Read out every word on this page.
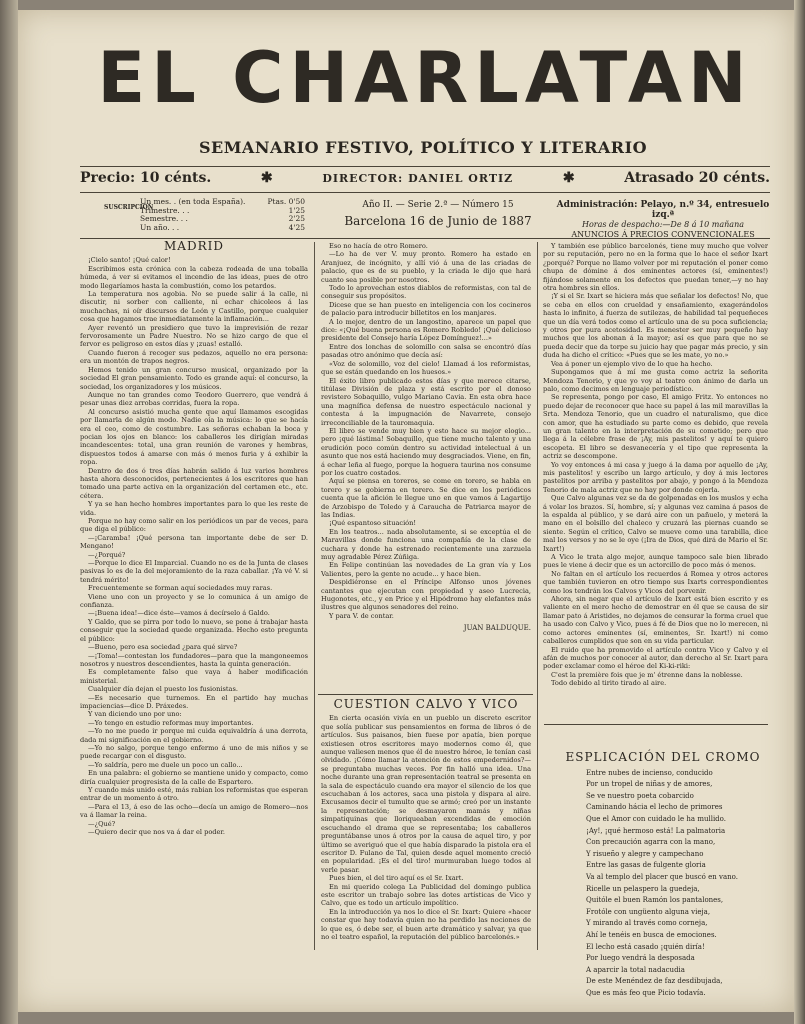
EL CHARLATAN
SEMANARIO FESTIVO, POLÍTICO Y LITERARIO
Precio: 10 cénts.	✱	DIRECTOR: DANIEL ORTIZ	✱	Atrasado 20 cénts.
SUSCRIPCIÓN
Un mes. . (en toda España).	Ptas. 0'50
Trimestre. . .	1'25
Semestre. . .	2'25
Un año. . .	4'25
Año II. — Serie 2.ª — Número 15
Barcelona 16 de Junio de 1887
Administración: Pelayo, n.º 34, entresuelo izq.ª
Horas de despacho:—De 8 á 10 mañana
ANUNCIOS Á PRECIOS CONVENCIONALES
MADRID

¡Cielo santo! ¡Qué calor!

Escribimos esta crónica con la cabeza rodeada de una toballa húmeda, á ver si evitamos el incendio de las ideas, pues de otro modo llegaríamos hasta la combustión, como los petardos.

La temperatura nos agobia. No se puede salir á la calle, ni discutir, ni sorber con calliente, ni echar chicoleos á las muchachas, ni oír discursos de León y Castillo, porque cualquier cosa que hagamos trae inmediatamente la inflamación...

Ayer reventó un presidiero que tuvo la imprevisión de rezar fervorosamente un Padre Nuestro. No se hizo cargo de que el fervor es peligroso en estos días y ¡zuas! estalló.

Cuando fueron á recoger sus pedazos, aquello no era persona: era un montón de trapos negros.

Hemos tenido un gran concurso musical, organizado por la sociedad El gran pensamiento. Todo es grande aquí: el concurso, la sociedad, los organizadores y los músicos.

Aunque no tan grandes como Teodoro Guerrero, que vendrá á pesar unas diez arrobas corridas, fuera la ropa.

Al concurso asistió mucha gente que aquí llamamos escogidas por llamarla de algún modo. Nadie oía la música: lo que se hacía era el ceo, como de costumbre. Las señoras echaban la boca y pocian los ojos en blanco: los caballeros les dirigían miradas incandescentes: total, una gran reunión de varones y hembras, dispuestos todos á amarse con más ó menos furia y á exhibir la ropa.

Dentro de dos ó tres días habrán salido á luz varios hombres hasta ahora desconocidos, pertenecientes á los escritores que han tomado una parte activa en la organización del certamen etc., etc. cétera.

Y ya se han hecho hombres importantes para lo que les reste de vida.

Porque no hay como salir en los periódicos un par de veces, para que diga el público:

—¡Caramba! ¡Qué persona tan importante debe de ser D. Mengano!

—¿Porqué?

—Porque lo dice El Imparcial. Cuando no es de la Junta de clases pasivas lo es de la del mejoramiento de la raza caballar. ¡Ya vé V. si tendrá mérito!

Frecuentemente se forman aquí sociedades muy raras.

Viene uno con un proyecto y se lo comunica á un amigo de confianza.

—¡Buena idea!—dice éste—vamos á decírselo á Galdo.

Y Galdo, que se pirra por todo lo nuevo, se pone á trabajar hasta conseguir que la sociedad quede organizada. Hecho esto pregunta el público:

—Bueno, pero esa sociedad ¿para qué sirve?

—¡Toma!—contestan los fundadores—para que la mangoneemos nosotros y nuestros descendientes, hasta la quinta generación.

Es completamente falso que vaya á haber modificación ministerial.

Cualquier día dejan el puesto los fusionistas.

—Es necesario que turnemos. En el partido hay muchas impaciencias—dice D. Práxedes.

Y van diciendo uno por uno:

—Yo tengo en estudio reformas muy importantes.

—Yo no me puedo ir porque mi cuida equivaldría á una derrota, dada mi significación en el gobierno.

—Yo no salgo, porque tengo enfermo á uno de mis niños y se puede recargar con el disgusto.

—Yo saldría, pero me duele un poco un callo...

En una palabra: el gobierno se mantiene unido y compacto, como diría cualquier progresista de la calle de Espartero.

Y cuando más unido esté, más rabian los reformistas que esperan entrar de un momento á otro.

—Para el 13, á eso de las ocho—decía un amigo de Romero—nos va á llamar la reina.

—¿Qué?

—Quiero decir que nos va á dar el poder.

Eso no hacía de otro Romero.

—Lo ha de ver V. muy pronto. Romero ha estado en Aranjuez, de incógnito, y allí vió á una de las criadas de palacio, que es de su pueblo, y la criada le dijo que hará cuanto sea posible por nosotros.

Todo lo aprovechan estos diablos de reformistas, con tal de conseguir sus propósitos.

Dicese que se han puesto en inteligencia con los cocineros de palacio para introducir billetitos en los manjares.

A lo mejor, dentro de un langostino, aparece un papel que dice: «¡Qué buena persona es Romero Robledo! ¡Qué delicioso presidente del Consejo haría López Domínguez!...»

Entre dos lonchas de solomillo con salsa se encontró días pasadas otro anónimo que decía así:

«Voz de solomillo, voz del cielo! Llamad á los reformistas, que se están quedando en los huesos.»

El éxito libro publicado estos días y que merece citarse, titúlase División de plaza y está escrito por el donoso revistero Sobaquillo, vulgo Mariano Cavia. En esta obra hace una magnífica defensa de nuestro espectáculo nacional y contesta á la impugnación de Navarrete, consejo irreconciliable de la tauromaquia.

El libro se vende muy bien y esto hace su mejor elogio... pero ¡qué lástima! Sobaquillo, que tiene mucho talento y una erudición poco común dentro su actividad intelectual á un asunto que nos está haciendo muy desgraciados. Viene, en fin, á echar leña al fuego, porque la hoguera taurina nos consume por los cuatro costados.

Aquí se piensa en toreros, se come en torero, se habla en torero y se gobierna en torero. Se dice en los periódicos cuenta que la afición le llegue uno en que vamos á Lagartijo de Arzobispo de Toledo y á Caraucha de Patriarca mayor de las Indias.

¡Qué espantoso situación!

En los teatros... nada absolutamente, si se exceptúa el de Maravillas donde funciona una compañía de la clase de cuchara y donde ha estrenado recientemente una zarzuela muy agradable Pérez Zúñiga.

En Felipe continúan las novedades de La gran vía y Los Valientes, pero la gente no acude... y hace bien.

Despidiéronse en el Príncipe Alfonso unos jóvenes cantantes que ejecutan con propiedad y aseo Lucrecia, Hugonotes, etc., y en Price y el Hipódromo hay elefantes más ilustres que algunos senadores del reino.

Y para V. de contar.

JUAN BALDUQUE.
CUESTION CALVO Y VICO

En cierta ocasión vivía en un pueblo un discreto escritor que solía publicar sus pensamientos en forma de libros ó de artículos. Sus paisanos, bien fuese por apatía, bien porque existiesen otros escritores mayo modernos como él, que aunque valiesen menos que él de nuestro héroe, le tenían casi olvidado. ¡Cómo llamar la atención de estos empedernidos?—se preguntaba muchas veces. Por fin halló una idea. Una noche durante una gran representación teatral se presenta en la sala de espectáculo cuando era mayor el silencio de los que escuchaban á los actores, saca una pistola y dispara al aire. Excusamos decir el tumulto que se armó; creó por un instante la representación; se desmayaron mamás y niñas simpatiquinas que lloriqueaban excendidas de emoción escuchando el drama que se representaba; los caballeros preguntábanse unos á otros por la causa de aquel tiro, y por último se averiguó que el que había disparado la pistola era el escritor D. Fulano de Tal, quien desde aquel momento creció en popularidad. ¡Es el del tiro! murmuraban luego todos al verle pasar.

Pues bien, el del tiro aquí es el Sr. Ixart.

En mi querido colega La Publicidad del domingo publica este escritor un trabajo sobre las dotes artísticas de Vico y Calvo, que es todo un artículo impolítico.

En la introducción ya nos lo dice el Sr. Ixart: Quiere «hacer constar que hay todavía quien no ha perdido las nociones de lo que es, ó debe ser, el buen arte dramático y salvar, ya que no el teatro español, la reputación del público barcelonés.»

Y también ese público barcelonés, tiene muy mucho que volver por su reputación, pero no en la forma que lo hace el señor Ixart ¿porqué? Porque no llamo volver por mi reputación el poner como chupa de dómine á dos eminentes actores (sí, eminentes!) fijándose solamente en los defectos que puedan tener,—y no hay otra hombres sin ellos.

¡Y si el Sr. Ixart se hiciera más que señalar los defectos! No, que se ceba en ellos con crueldad y ensañamiento, exagerándolos hasta lo infinito, á fuerza de sutilezas, de habilidad tal pequeñeces que un día verá todos como el artículo una de su poca suficiencia; y otros por pura acetosidad. Es menester ser muy pequeño hay muchos que los abonan á la mayor; así es que para que no se pueda decir que da torpe su juicio hay que pagar más precio, y sin duda ha dicho el crítico: «Pues que se les mate, yo no.»

Vea á poner un ejemplo vivo de lo que ha hecho.

Supongamos que á mí me gusta como actriz la señorita Mendoza Tenorio, y que yo voy al teatro con ánimo de darla un palo, como decimos en lenguaje periodístico.

Se representa, pongo por caso, El amigo Fritz. Yo entonces no puedo dejar de reconocer que hace su papel á las mil maravillas la Srta. Mendoza Tenorio, que un cuadro el naturalismo, que dice con amor, que ha estudiado su parte como es debido, que revela un gran talento en la interpretación de su cometido; pero que llega á la célebre frase de ¡Ay, mis pastelitos! y aquí te quiero escopeta. El libro se desvanecería y el tipo que representa la actriz se descompone.

Yo voy entonces á mi casa y juego á la dama por aquello de ¡Ay, mis pastelitos! y escribo un largo artículo, y doy á mis lectores pastelitos por arriba y pastelitos por abajo, y pongo á la Mendoza Tenorio de mala actriz que no hay por donde cojerla.

Que Calvo algunas vez se da de golpenadas en los muslos y echa á volar los brazos. Sí, hombre, sí; y algunas vez camina á pasos de la espalda al público, y se dará aire con un pañuelo, y meterá la mano en el bolsillo del chaleco y cruzará las piernas cuando se siente. Según el crítico, Calvo se mueve como una tarabilla, dice mal los versos y no se le oye (¡Ira de Dios, qué dirá de Mario el Sr. Ixart!)

A Vico le trata algo mejor, aunque tampoco sale bien librado pues le viene á decir que es un actorcillo de poco más ó menos.

No faltan en el artículo los recuerdos á Romea y otros actores que también tuvieron en otro tiempo sus Ixarts correspondientes como los tendrán los Calvos y Vicos del porvenir.

Ahora, sin negar que el artículo de Ixart está bien escrito y es valiente en el mero hecho de demostrar en él que se causa de sir llamar pato á Aristides, no dejamos de censurar la forma cruel que ha usado con Calvo y Vico, pues á fé de Dios que no lo merecen, ni como actores eminentes (sí, eminentes, Sr. Ixart!) ni como caballeros cumplidos que son en su vida particular.

El ruido que ha promovido el artículo contra Vico y Calvo y el afán de muchos por conocer al autor, dan derecho al Sr. Ixart para poder exclamar como el héroe del Ki-ki-riki:

C'est la première fois que je m' étrenne dans la noblesse.

Todo debido al tirito tirado al aire.

ESPLICACIÓN DEL CROMO
Entre nubes de incienso, conducido
Por un tropel de niñas y de amores,
Se ve nuestro poeta cobarcido
Caminando hácia el lecho de primores
Que el Amor con cuidado le ha mullido.
¡Ay!, ¡qué hermoso está! La palmatoria
Con precaución agarra con la mano,
Y risueño y alegre y campechano
Entre las gasas de fulgente gloria
Va al templo del placer que buscó en vano.
Ricelle un pelaspero la guedeja,
Quitóle el buen Ramón los pantalones,
Frotóle con ungüento alguna vieja,
Y mirando al través como corneja,
Ahí le tenéis en busca de emociones.
El lecho está casado ¡quién diría!
Por luego vendrá la desposada
A aparcir la total nadacudia
De este Menéndez de faz desdibujada,
Que es más feo que Picio todavía.
